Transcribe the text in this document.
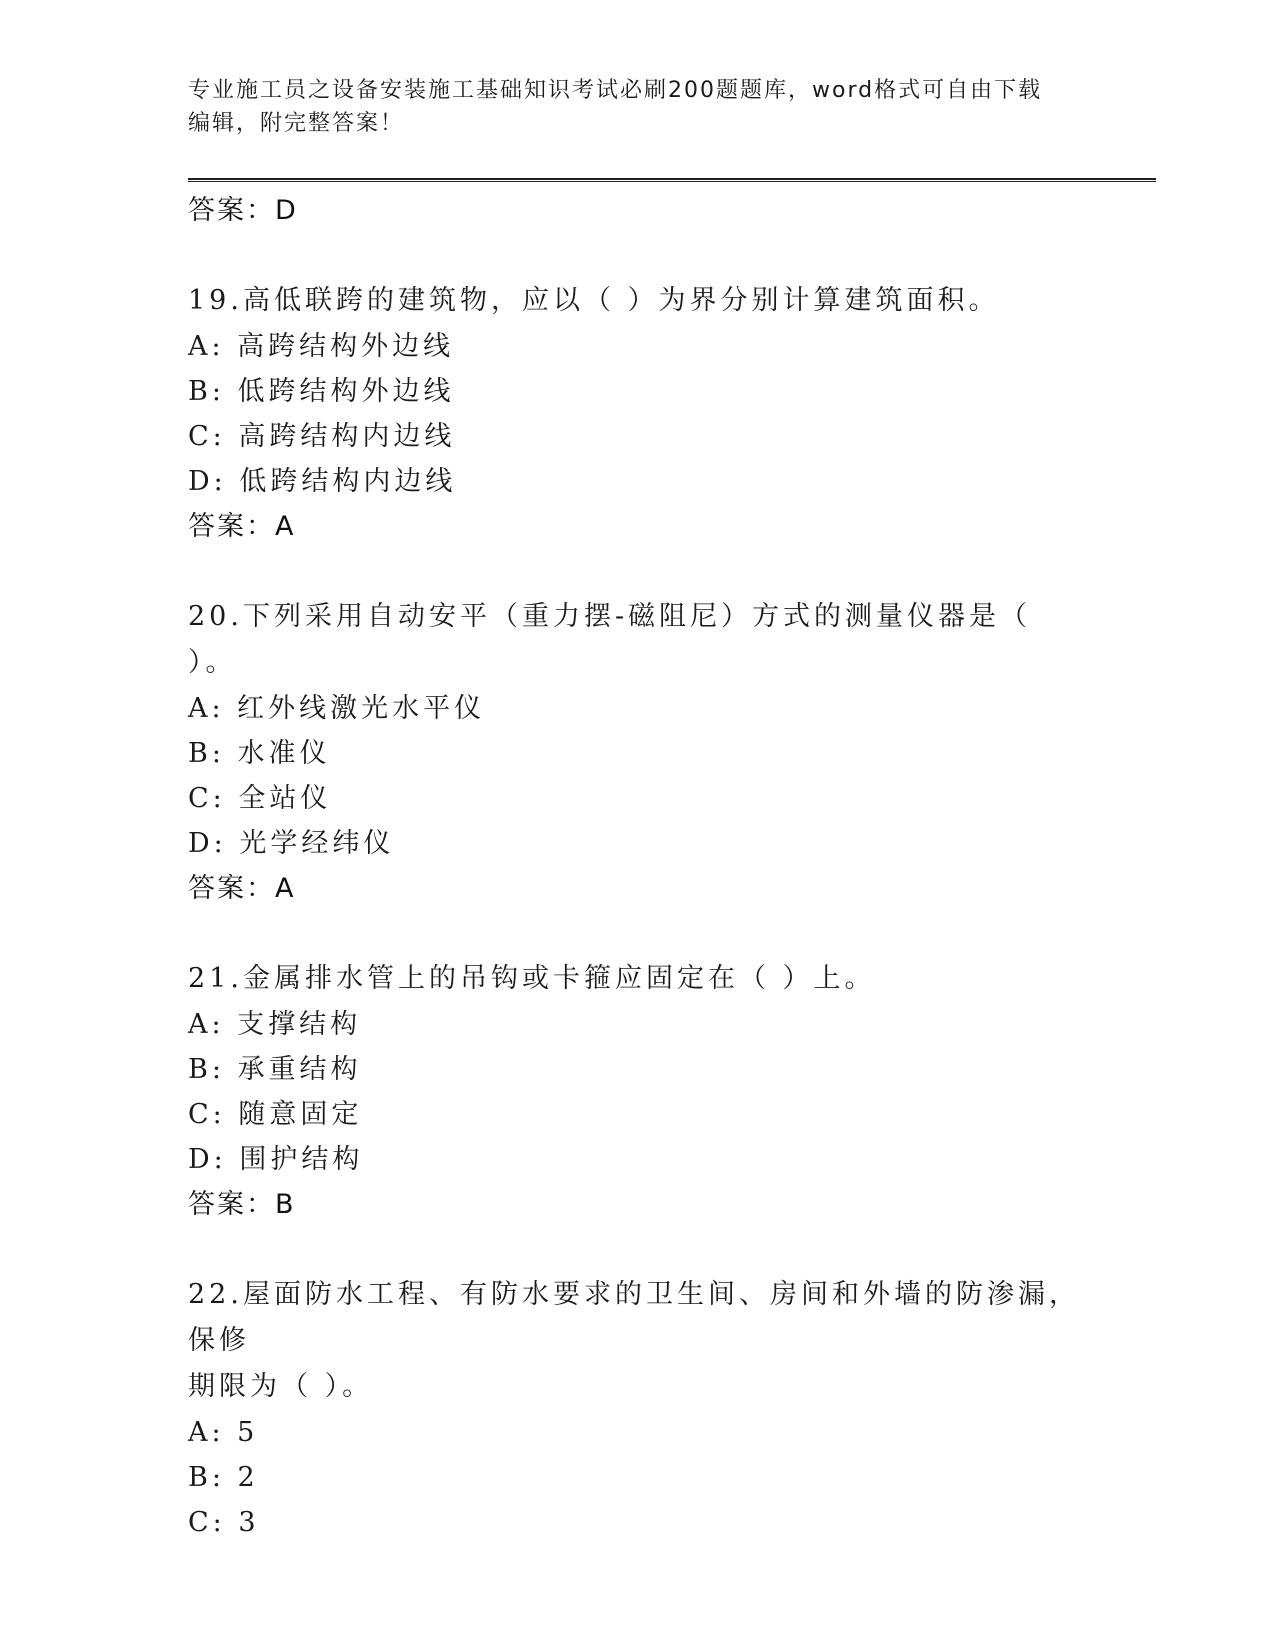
专业施工员之设备安装施工基础知识考试必刷200题题库，word格式可自由下载
编辑，附完整答案！
答案：D
19.高低联跨的建筑物，应以（ ）为界分别计算建筑面积。
A: 高跨结构外边线
B: 低跨结构外边线
C: 高跨结构内边线
D: 低跨结构内边线
答案：A
20.下列采用自动安平（重力摆-磁阻尼）方式的测量仪器是（ ）。
A: 红外线激光水平仪
B: 水准仪
C: 全站仪
D: 光学经纬仪
答案：A
21.金属排水管上的吊钩或卡箍应固定在（ ）上。
A: 支撑结构
B: 承重结构
C: 随意固定
D: 围护结构
答案：B
22.屋面防水工程、有防水要求的卫生间、房间和外墙的防渗漏，保修
期限为（ ）。
A: 5
B: 2
C: 3
